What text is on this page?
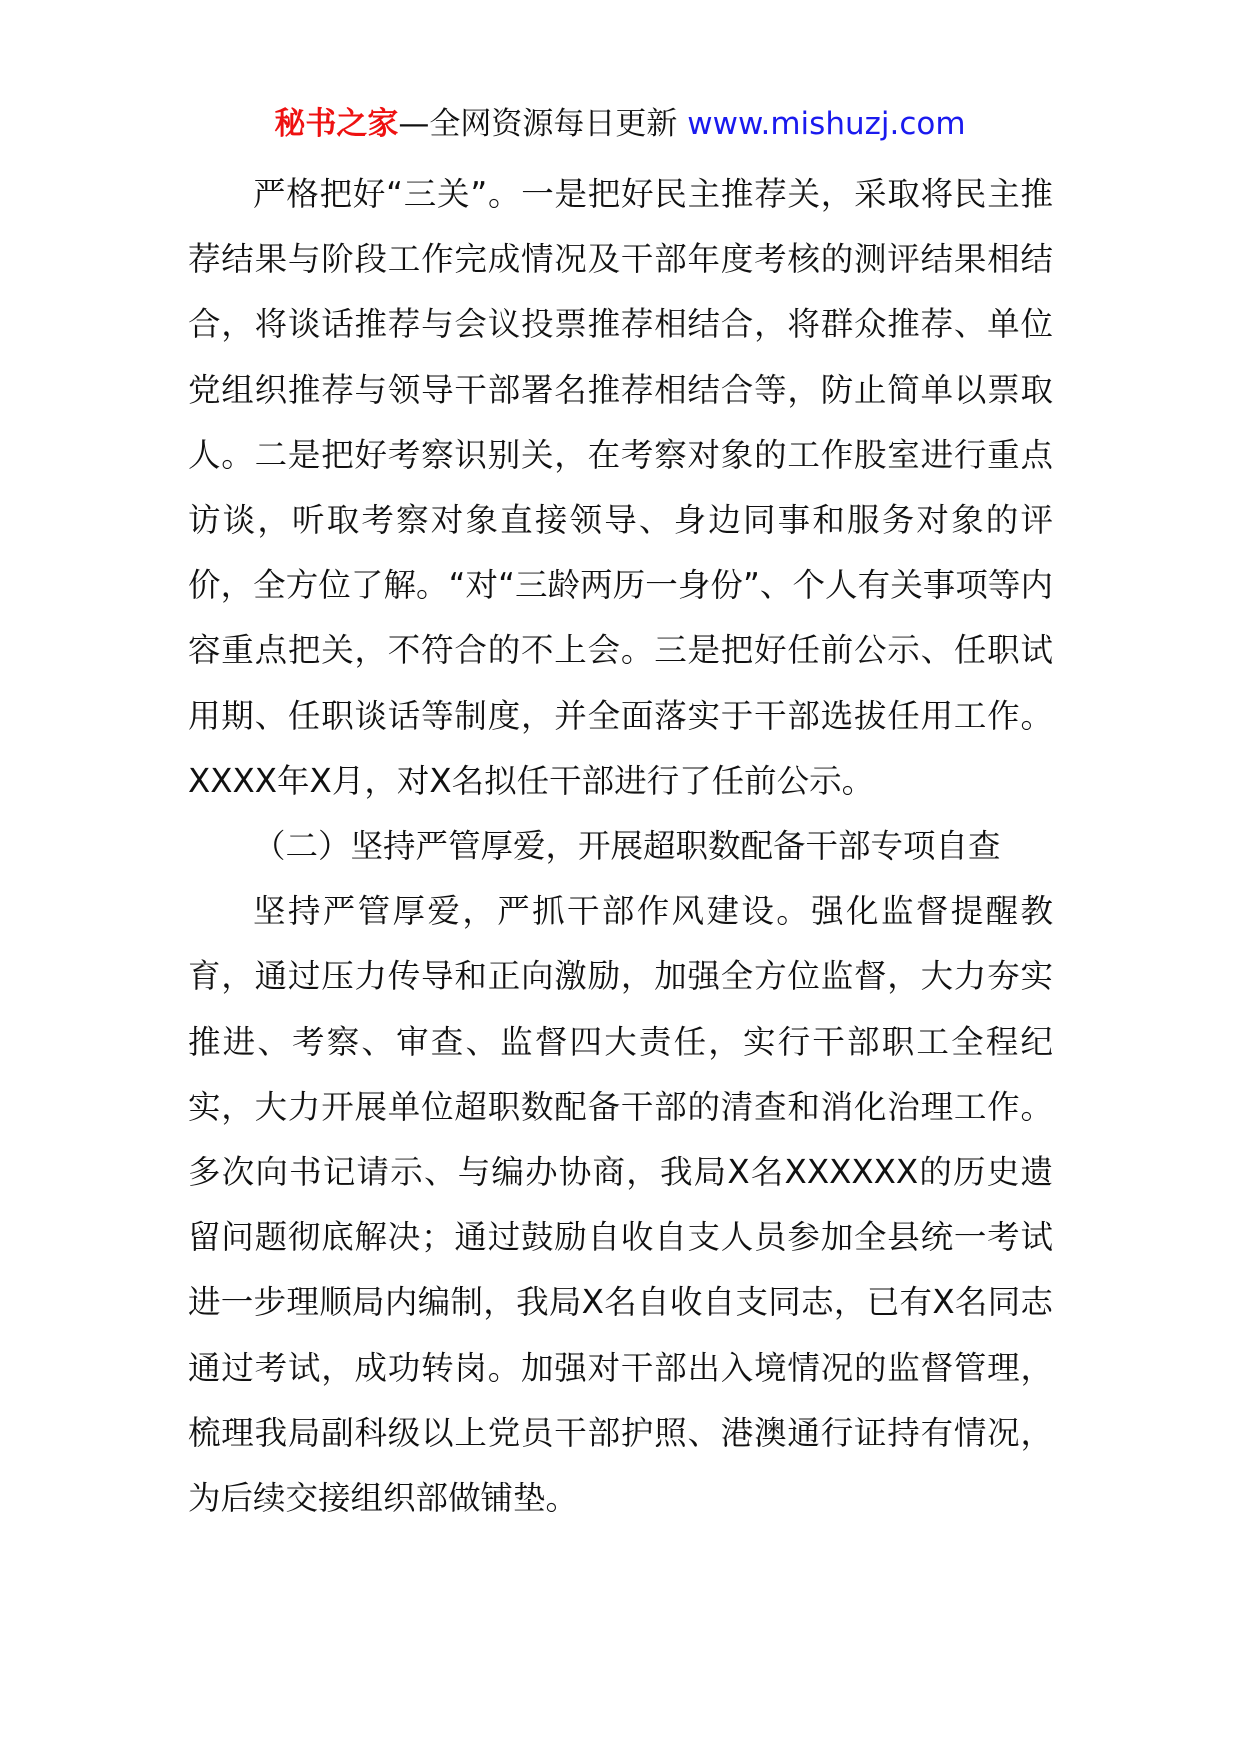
秘书之家—全网资源每日更新 www.mishuzj.com

严格把好“三关”。一是把好民主推荐关，采取将民主推荐结果与阶段工作完成情况及干部年度考核的测评结果相结合，将谈话推荐与会议投票推荐相结合，将群众推荐、单位党组织推荐与领导干部署名推荐相结合等，防止简单以票取人。二是把好考察识别关，在考察对象的工作股室进行重点访谈，听取考察对象直接领导、身边同事和服务对象的评价，全方位了解。“对“三龄两历一身份”、个人有关事项等内容重点把关，不符合的不上会。三是把好任前公示、任职试用期、任职谈话等制度，并全面落实于干部选拔任用工作。XXXX年X月，对X名拟任干部进行了任前公示。

（二）坚持严管厚爱，开展超职数配备干部专项自查

坚持严管厚爱，严抓干部作风建设。强化监督提醒教育，通过压力传导和正向激励，加强全方位监督，大力夯实推进、考察、审查、监督四大责任，实行干部职工全程纪实，大力开展单位超职数配备干部的清查和消化治理工作。多次向书记请示、与编办协商，我局X名XXXXXX的历史遗留问题彻底解决；通过鼓励自收自支人员参加全县统一考试进一步理顺局内编制，我局X名自收自支同志，已有X名同志通过考试，成功转岗。加强对干部出入境情况的监督管理，梳理我局副科级以上党员干部护照、港澳通行证持有情况，为后续交接组织部做铺垫。
